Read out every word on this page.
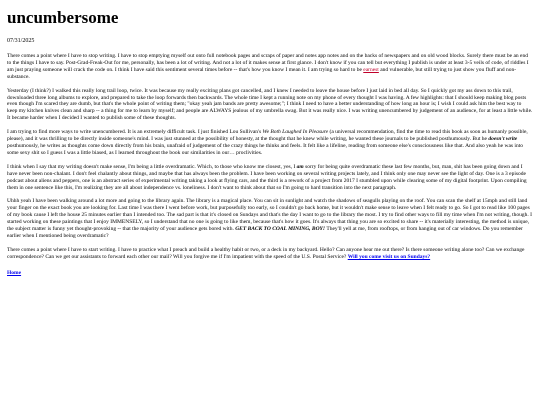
uncumbersome
07/31/2025

There comes a point where I have to stop writing. I have to stop emptying myself out onto full notebook pages and scraps of paper and notes app notes and on the backs of newspapers and on old wood blocks. Surely there must be an end to the things I have to say. Post-Grad-Freak-Out for me, personally, has been a lot of writing. And not a lot of it makes sense at first glance. I don't know if you can tell but everything I publish is under at least 3-5 veils of code, of riddles I am just praying someone will crack the code on. I think I have said this sentiment several times before -- that's how you know I mean it. I am trying so hard to be earnest and vulnerable, but still trying to just show you fluff and non-substance.

Yesterday (I think?) I walked this really long trail loop, twice. It was because my really exciting plans got cancelled, and I knew I needed to leave the house before I just laid in bed all day. So I quickly got my ass down to this trail, downloaded three long albums to explore, and prepared to take the loop forwards then backwards. The whole time I kept a running note on my phone of every thought I was having. A few highlights: that I should keep making blog posts even though I'm scared they are dumb, but that's the whole point of writing them; "okay yeah jam bands are pretty awesome;"; I think I need to have a better understanding of how long an hour is; I wish I could ask him the best way to keep my kitchen knives clean and sharp -- a thing for me to learn by myself; and people are ALWAYS jealous of my umbrella swag. But it was really nice. I was writing unencumbered by judgement of an audience, for at least a little while. It became harder when I decided I wanted to publish some of these thoughts.

I am trying to find more ways to write unencumbered. It is an extremely difficult task. I just finished Lou Sullivan's We Both Laughed In Pleasure (a universal recommendation, find the time to read this book as soon as humanly possible, please), and it was thrilling to be directly inside someone's mind. I was just stunned at the possibility of honesty, at the thought that he knew while writing, he wanted these journals to be published posthumously. But he doesn't write posthumously, he writes as thoughts come down directly from his brain, unafraid of judgement of the crazy things he thinks and feels. It felt like a lifeline, reading from someone else's consciousness like that. And also yeah he was into some sexy shit so I guess I was a little biased, as I learned throughout the book our similarities in our… proclivities.

I think when I say that my writing doesn't make sense, I'm being a little overdramatic. Which, to those who know me closest, yes, I am sorry for being quite overdramatic these last few months, but, man, shit has been going down and I have never been non-chalant. I don't feel chalantly about things, and maybe that has always been the problem. I have been working on several writing projects lately, and I think only one may never see the light of day. One is a 3 episode podcast about aliens and peppers, one is an abstract series of experimental writing taking a look at flying cars, and the third is a rework of a project from 2017 I stumbled upon while clearing some of my digital footprint. Upon compiling them in one sentence like this, I'm realizing they are all about independence vs. loneliness. I don't want to think about that so I'm going to hard transition into the next paragraph.

Uhhh yeah I have been walking around a lot more and going to the library again. The library is a magical place. You can sit in sunlight and watch the shadows of seagulls playing on the roof. You can scan the shelf at 15mph and still land your finger on the exact book you are looking for. Last time I was there I went before work, but purposefully too early, so I couldn't go back home, but it wouldn't make sense to leave when I felt ready to go. So I got to read like 100 pages of my book cause I left the house 25 minutes earlier than I intended too. The sad part is that it's closed on Sundays and that's the day I want to go to the library the most. I try to find other ways to fill my time when I'm not writing, though. I started working on these paintings that I enjoy IMMENSELY, so I understand that no one is going to like them, because that's how it goes. It's always that thing you are so excited to share -- it's materially interesting, the method is unique, the subject matter is funny yet thought-provoking -- that the majority of your audience gets bored with. GET BACK TO COAL MINING, BOY! They'll yell at me, from rooftops, or from hanging out of car windows. Do you remember earlier when I mentioned being overdramatic?

There comes a point where I have to start writing. I have to practice what I preach and build a healthy habit or two, or a deck in my backyard. Hello? Can anyone hear me out there? Is there someone writing alone too? Can we exchange correspondence? Can we get our assistants to forward each other our mail? Will you forgive me if I'm impatient with the speed of the U.S. Postal Service? Will you come visit us on Sundays?

Home
